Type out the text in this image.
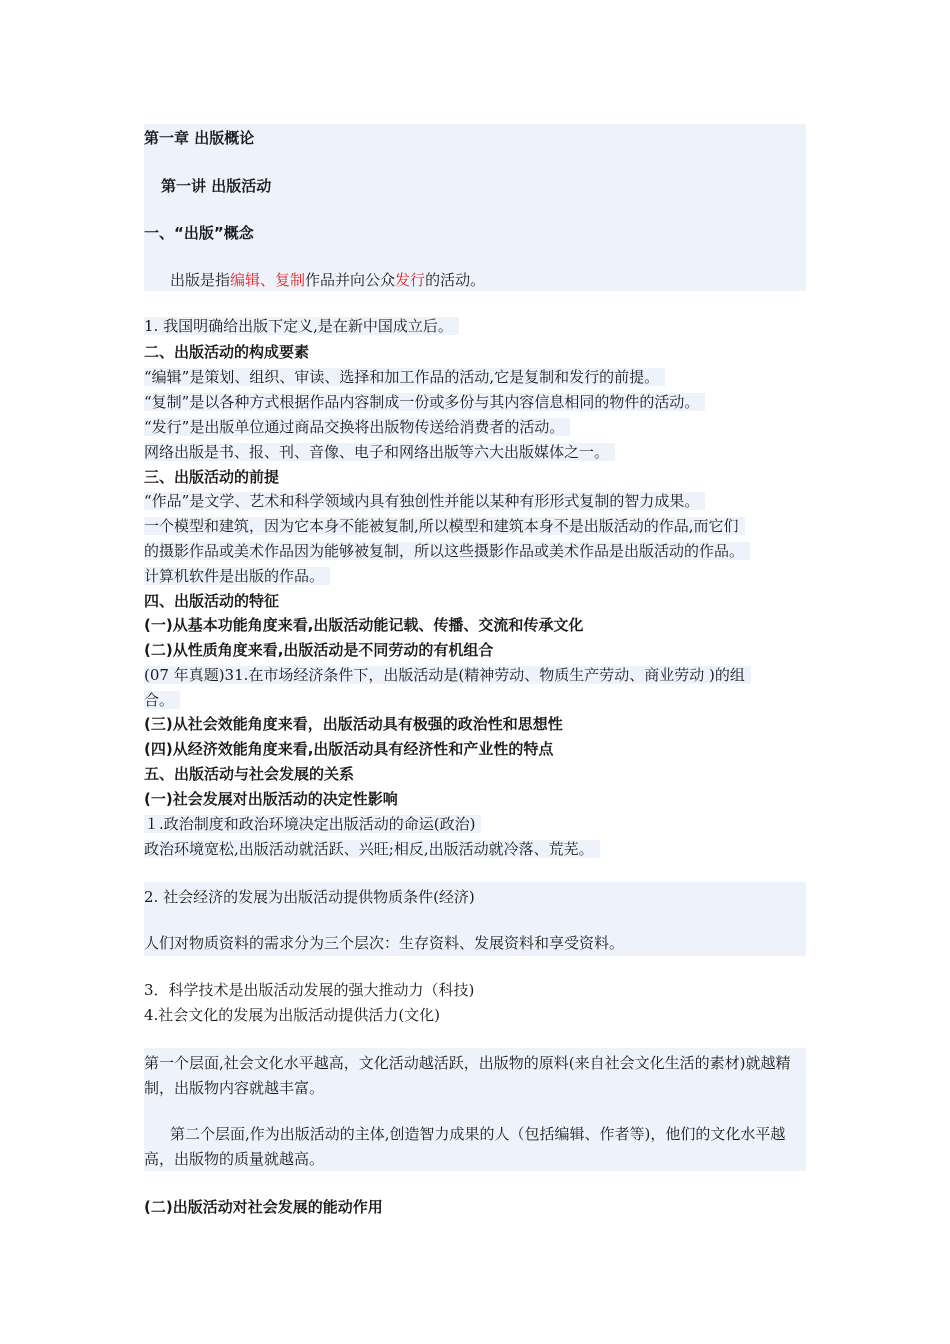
第一章 出版概论
第一讲 出版活动
一、“出版”概念
出版是指编辑、复制作品并向公众发行的活动。
1. 我国明确给出版下定义,是在新中国成立后。
二、出版活动的构成要素
“编辑”是策划、组织、审读、选择和加工作品的活动,它是复制和发行的前提。
“复制”是以各种方式根据作品内容制成一份或多份与其内容信息相同的物件的活动。
“发行”是出版单位通过商品交换将出版物传送给消费者的活动。
网络出版是书、报、刊、音像、电子和网络出版等六大出版媒体之一。
三、出版活动的前提
“作品”是文学、艺术和科学领域内具有独创性并能以某种有形形式复制的智力成果。
一个模型和建筑，因为它本身不能被复制,所以模型和建筑本身不是出版活动的作品,而它们
的摄影作品或美术作品因为能够被复制，所以这些摄影作品或美术作品是出版活动的作品。
计算机软件是出版的作品。
四、出版活动的特征
(一)从基本功能角度来看,出版活动能记载、传播、交流和传承文化
(二)从性质角度来看,出版活动是不同劳动的有机组合
(07 年真题)31.在市场经济条件下，出版活动是(精神劳动、物质生产劳动、商业劳动 )的组
合。
(三)从社会效能角度来看，出版活动具有极强的政治性和思想性
(四)从经济效能角度来看,出版活动具有经济性和产业性的特点
五、出版活动与社会发展的关系
(一)社会发展对出版活动的决定性影响
１.政治制度和政治环境决定出版活动的命运(政治)
政治环境宽松,出版活动就活跃、兴旺;相反,出版活动就冷落、荒芜。
2. 社会经济的发展为出版活动提供物质条件(经济)
人们对物质资料的需求分为三个层次：生存资料、发展资料和享受资料。
3．科学技术是出版活动发展的强大推动力（科技)
4.社会文化的发展为出版活动提供活力(文化)
第一个层面,社会文化水平越高，文化活动越活跃，出版物的原料(来自社会文化生活的素材)就越精制，出版物内容就越丰富。
第二个层面,作为出版活动的主体,创造智力成果的人（包括编辑、作者等)，他们的文化水平越高，出版物的质量就越高。
(二)出版活动对社会发展的能动作用
